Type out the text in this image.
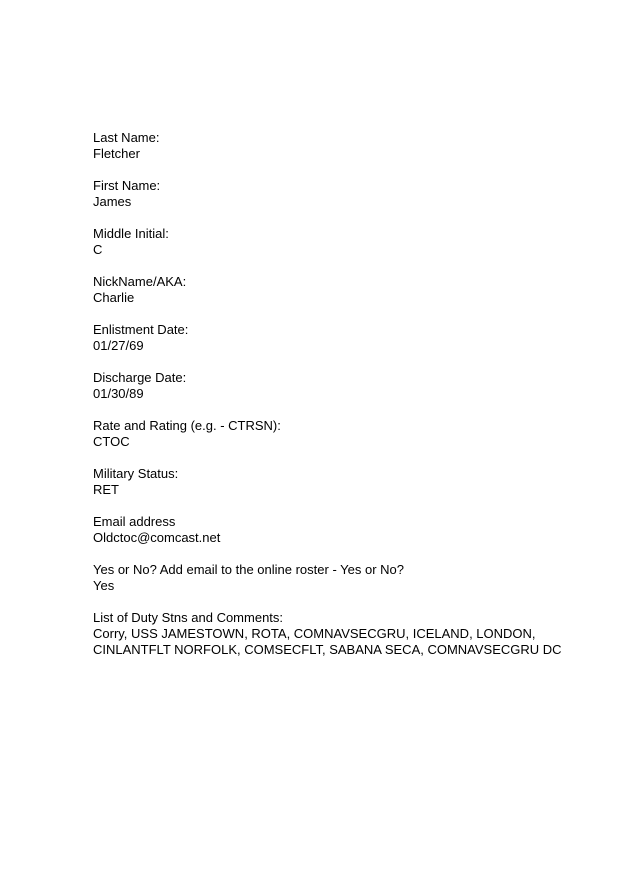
Last Name:
Fletcher
First Name:
James
Middle Initial:
C
NickName/AKA:
Charlie
Enlistment Date:
01/27/69
Discharge Date:
01/30/89
Rate and Rating (e.g. - CTRSN):
CTOC
Military Status:
RET
Email address
Oldctoc@comcast.net
Yes or No? Add email to the online roster - Yes or No?
Yes
List of Duty Stns and Comments:
Corry, USS JAMESTOWN, ROTA, COMNAVSECGRU, ICELAND, LONDON,
CINLANTFLT NORFOLK, COMSECFLT, SABANA SECA, COMNAVSECGRU DC
